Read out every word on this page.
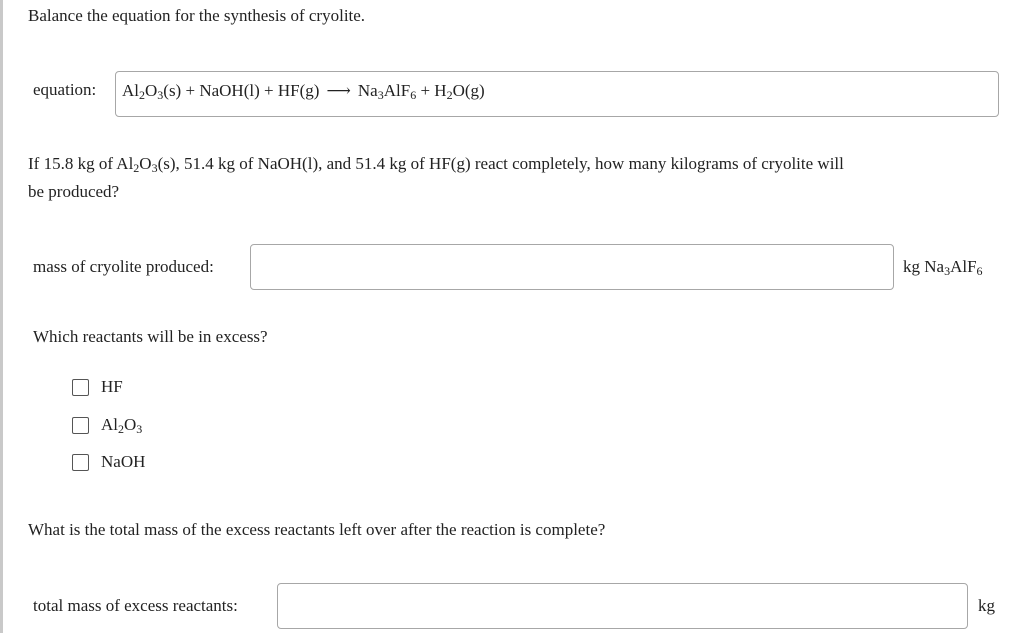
Balance the equation for the synthesis of cryolite.
equation: $Al_2O_3(s)$ + NaOH(l) + HF(g) ⟶ $Na_3AlF_6 + H_2O(g)$
If 15.8 kg of $Al_2O_3(s)$, 51.4 kg of NaOH(l), and 51.4 kg of HF(g) react completely, how many kilograms of cryolite will
be produced?
mass of cryolite produced:	kg $Na_3AlF_6$
Which reactants will be in excess?
HF
$Al_2O_3$
NaOH
What is the total mass of the excess reactants left over after the reaction is complete?
total mass of excess reactants:	kg
